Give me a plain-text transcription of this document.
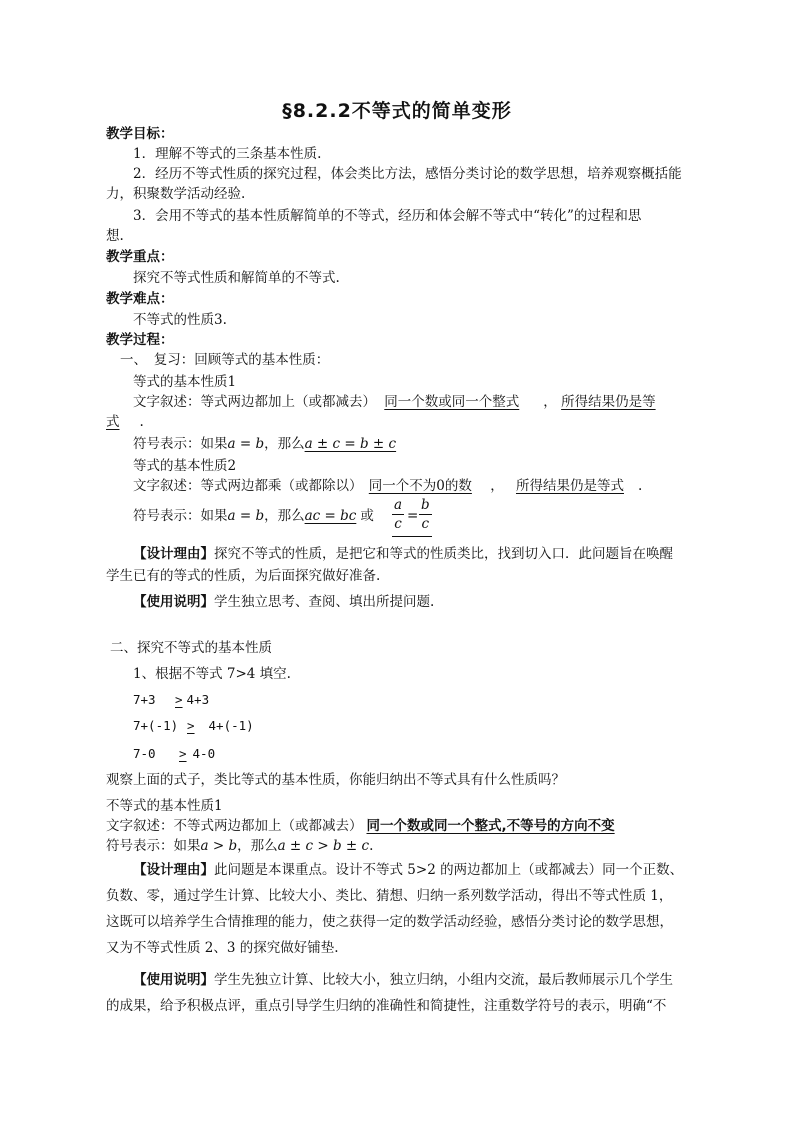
§8.2.2不等式的简单变形
教学目标：
1．理解不等式的三条基本性质.
2．经历不等式性质的探究过程，体会类比方法，感悟分类讨论的数学思想，培养观察概括能
力，积聚数学活动经验.
3．会用不等式的基本性质解简单的不等式，经历和体会解不等式中“转化”的过程和思
想.
教学重点：
探究不等式性质和解简单的不等式.
教学难点：
不等式的性质3.
教学过程：
一、　复习：回顾等式的基本性质：
等式的基本性质1
文字叙述：等式两边都加上（或都减去） 同一个数或同一个整式 ， 所得结果仍是等
式 .
符号表示：如果a = b，那么a ± c = b ± c
等式的基本性质2
文字叙述：等式两边都乘（或都除以） 同一个不为0的数 ， 所得结果仍是等式 .
符号表示：如果a = b，那么ac = bc 或 $\frac{a}{c} = \frac{b}{c}$
【设计理由】探究不等式的性质，是把它和等式的性质类比，找到切入口．此问题旨在唤醒
学生已有的等式的性质，为后面探究做好准备.
【使用说明】学生独立思考、查阅、填出所提问题.
二、探究不等式的基本性质
1、根据不等式 7>4 填空.
7+3 > 4+3
7+(-1) > 4+(-1)
7-0 > 4-0
观察上面的式子，类比等式的基本性质，你能归纳出不等式具有什么性质吗？
不等式的基本性质1
文字叙述：不等式两边都加上（或都减去） 同一个数或同一个整式,不等号的方向不变
符号表示：如果a > b，那么a ± c > b ± c.
【设计理由】此问题是本课重点。设计不等式 5>2 的两边都加上（或都减去）同一个正数、
负数、零，通过学生计算、比较大小、类比、猜想、归纳一系列数学活动，得出不等式性质 1，
这既可以培养学生合情推理的能力，使之获得一定的数学活动经验，感悟分类讨论的数学思想，
又为不等式性质 2、3 的探究做好铺垫.
【使用说明】学生先独立计算、比较大小，独立归纳，小组内交流，最后教师展示几个学生
的成果，给予积极点评，重点引导学生归纳的准确性和简捷性，注重数学符号的表示，明确“不
